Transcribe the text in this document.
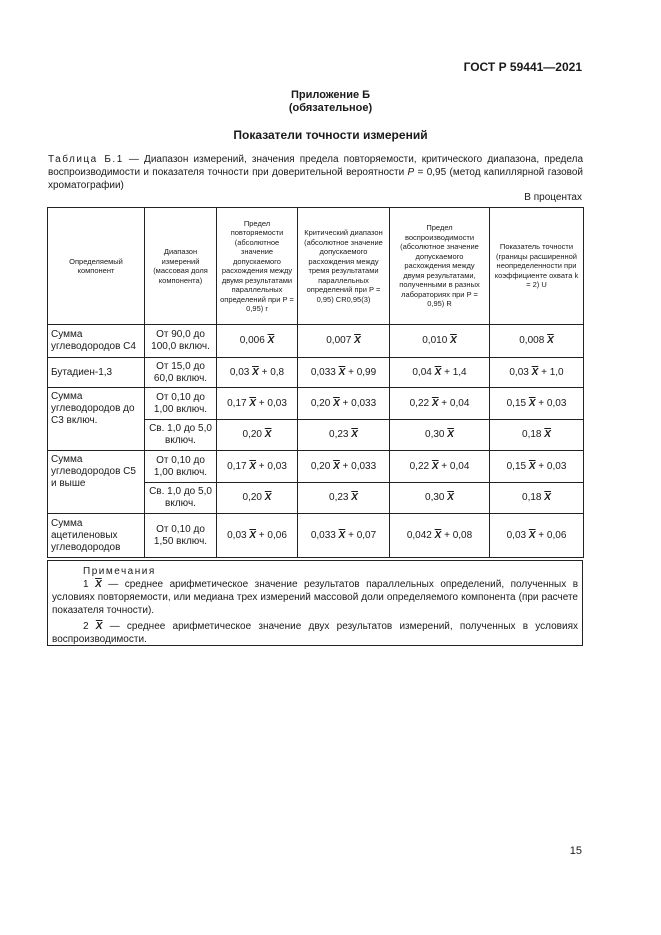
ГОСТ Р 59441—2021
Приложение Б
(обязательное)
Показатели точности измерений
Таблица Б.1 — Диапазон измерений, значения предела повторяемости, критического диапазона, предела воспроизводимости и показателя точности при доверительной вероятности P = 0,95 (метод капиллярной газовой хроматографии)
В процентах
Определяемый компонент	Диапазон измерений (массовая доля компонента)	Предел повторяемости (абсолютное значение допускаемого расхождения между двумя результатами параллельных определений при P = 0,95) r	Критический диапазон (абсолютное значение допускаемого расхождения между тремя результатами параллельных определений при P = 0,95) CR0,95(3)	Предел воспроизводимости (абсолютное значение допускаемого расхождения между двумя результатами, полученными в разных лабораториях при P = 0,95) R	Показатель точности (границы расширенной неопределенности при коэффициенте охвата k = 2) U
Сумма углеводородов C4	От 90,0 до 100,0 включ.	0,006 $\overline{X}$	0,007 $\overline{X}$	0,010 $\overline{X}$	0,008 $\overline{X}$
Бутадиен-1,3	От 15,0 до 60,0 включ.	0,03 $\overline{X} + 0,8$	0,033 $\overline{X} + 0,99$	0,04 $\overline{X} + 1,4$	0,03 $\overline{X} + 1,0$
Сумма углеводородов до C3 включ.	От 0,10 до 1,00 включ.	0,17 $\overline{X} + 0,03$	0,20 $\overline{X} + 0,033$	0,22 $\overline{X} + 0,04$	0,15 $\overline{X} + 0,03$
	Св. 1,0 до 5,0 включ.	0,20 $\overline{X}$	0,23 $\overline{X}$	0,30 $\overline{X}$	0,18 $\overline{X}$
Сумма углеводородов C5 и выше	От 0,10 до 1,00 включ.	0,17 $\overline{X} + 0,03$	0,20 $\overline{X} + 0,033$	0,22 $\overline{X} + 0,04$	0,15 $\overline{X} + 0,03$
	Св. 1,0 до 5,0 включ.	0,20 $\overline{X}$	0,23 $\overline{X}$	0,30 $\overline{X}$	0,18 $\overline{X}$
Сумма ацетиленовых углеводородов	От 0,10 до 1,50 включ.	0,03 $\overline{X} + 0,06$	0,033 $\overline{X} + 0,07$	0,042 $\overline{X} + 0,08$	0,03 $\overline{X} + 0,06$
Примечания

1 $\overline{X}$ — среднее арифметическое значение результатов параллельных определений, полученных в условиях повторяемости, или медиана трех измерений массовой доли определяемого компонента (при расчете показателя точности).

2 $\overline{X}$ — среднее арифметическое значение двух результатов измерений, полученных в условиях воспроизводимости.

15
